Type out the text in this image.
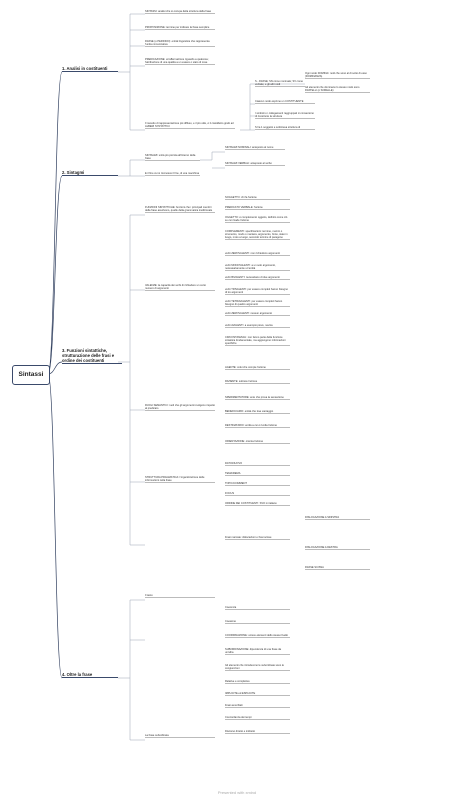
Sintassi
1. Analisi in costituenti
2. Sintagmi
3. Funzioni sintattiche, strutturazione delle frasi e ordine dei costituenti
4. Oltre la frase
SINTASSI: analisi che si occupa della struttura della frase
PROPOSIZIONE: termine per indicare la frase semplice
FRASE (o PERIODO): entità linguistica che rappresenta l'unità comunicativa
PREDICAZIONE: un'affermazione riguardo a qualcosa; l'attribuzione di una qualità a un essere o stato di cose
Il metodo di rappresentazione più diffuso, e il più utile, è il cosiddetto grafo ad ALBERI SYNTATTICI
S - FRASE; SN come nominale; SV come verbale; e gli altri nodi
Ogni nodo DOMINA i nodi che sono al di sotto di esso (DOMINANZA)
Gli elementi che dominano lo stesso nodo sono FRATELLI (o SORELLE)
Ciascun nodo esprime un COSTITUENTE
I simboli o i collegamenti raggruppati ci consentono di ricostruire la struttura
S ha 1 soggetto e sottintesa struttura di
SINTAGMI NOMINALI: anteposto al nome
SINTAGMI VERBALI: anteposto al verbo
SINTAGMI: unità più piccola all'interno della frase
È il fine cui si riconosce il fine, di una macchina
FUNZIONI SINTATTICHE: funzioni che i principali membri della frase assolvono, quelle della grammatica tradizionale
SOGGETTO: chi fa l'azione
PREDICATO VERBALE: l'azione
OGGETTO: è complemento oggetto, definito come ciò su cui ricade l'azione
COMPLEMENTI: specificazioni: termine, mezzo o strumento, modo o maniera, argomento, fonte, stato in luogo, moto a luogo, secondo termine di paragone
VALENZE: la capacità dei verbi di richiedere un certo numero di argomenti
verbi ZEROVALENTI: non richiedono argomenti
verbi MONOVALENTI: a un solo argomento, necessariamente un'entità
verbi BIVALENTI: necessitano di due argomenti
verbi TRIVALENTI: per essere completi hanno bisogno di tre argomenti
verbi TETRAVALENTI: per essere completi hanno bisogno di quattro argomenti
verbi ZEROVALENTI: nessun argomento
verbi AVALENTI: a esempio piove, nevica
CIRCOSTANZIALI: non fanno parte della funzione sintattica fondamentale, ma aggiungono informazioni specifiche
RUOLI SEMANTICI: ruoli che gli argomenti svolgono rispetto al predicato
AGENTE: colui che compie l'azione
PAZIENTE: subisce l'azione
SPERIMENTATORE: ente che prova la sensazione
BENEFICIARIO: entità che trae vantaggio
DESTINATARIO: entità a cui è rivolta l'azione
ORIENTAZIONE: orienta l'azione
STRUTTURA PRAGMATICA: l'organizzazione delle informazioni nella frase
DATO/NUOVO
TEMA/REMA
TOPIC/COMMENT
FOCUS
ORDINE DEI COSTITUENTI: SVO in italiano
Frasi marcate: dislocazioni e frasi scisse
DISLOCAZIONE A SINISTRA
DISLOCAZIONE A DESTRA
FRASE SCISSA
Il testo
Coerenza
Coesione
COORDINAZIONE: unisce elementi dello stesso livello
SUBORDINAZIONE: dipendenza di una frase da un'altra
Gli elementi che introducono le subordinate sono le congiunzioni
Relative e completive
IMPLICITE ed ESPLICITE
Frasi avverbiali
Concordanza dei tempi
Discorso diretto e indiretto
La frase subordinata
Presented with xmind
